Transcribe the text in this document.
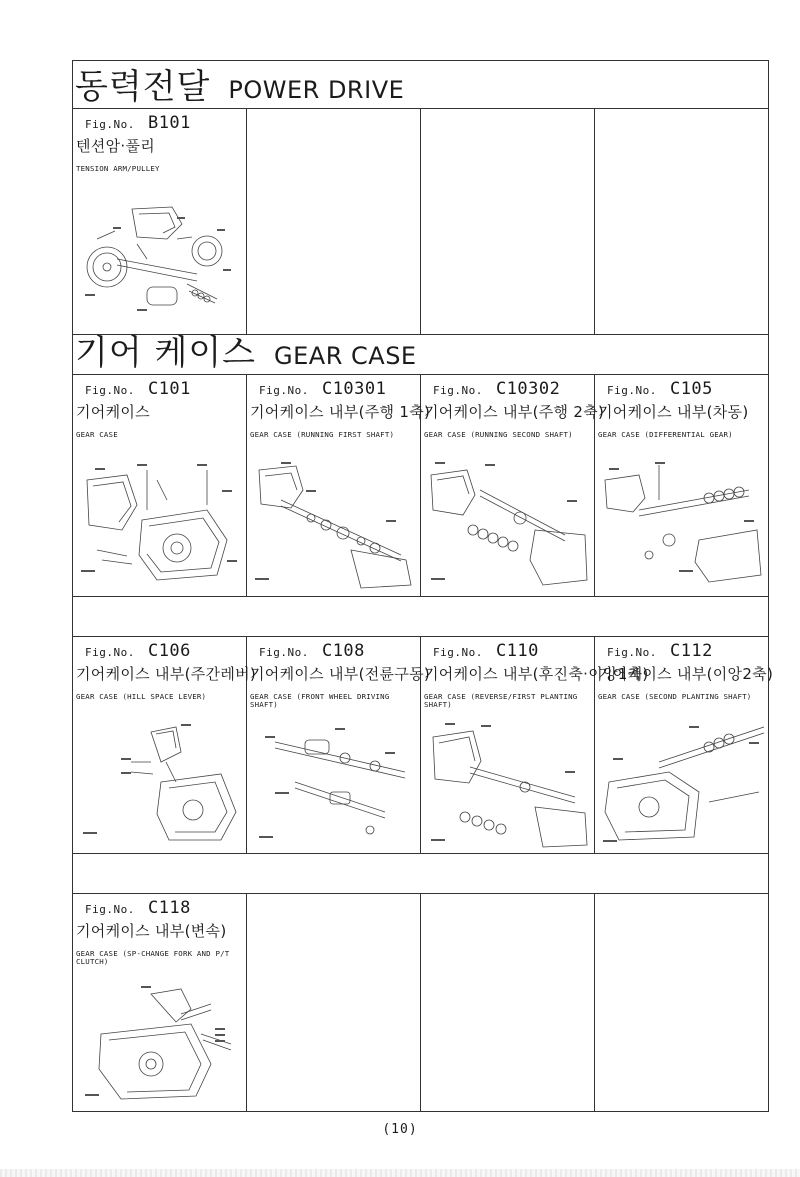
동력전달 POWER DRIVE
Fig.No. B101
텐션암·풀리
TENSION ARM/PULLEY
기어 케이스 GEAR CASE
Fig.No. C101
기어케이스
GEAR CASE
Fig.No. C10301
기어케이스 내부(주행 1축)
GEAR CASE (RUNNING FIRST SHAFT)
Fig.No. C10302
기어케이스 내부(주행 2축)
GEAR CASE (RUNNING SECOND SHAFT)
Fig.No. C105
기어케이스 내부(차동)
GEAR CASE (DIFFERENTIAL GEAR)
Fig.No. C106
기어케이스 내부(주간레버)
GEAR CASE (HILL SPACE LEVER)
Fig.No. C108
기어케이스 내부(전륜구동)
GEAR CASE (FRONT WHEEL DRIVING SHAFT)
Fig.No. C110
기어케이스 내부(후진축·이앙1축)
GEAR CASE (REVERSE/FIRST PLANTING SHAFT)
Fig.No. C112
기어케이스 내부(이앙2축)
GEAR CASE (SECOND PLANTING SHAFT)
Fig.No. C118
기어케이스 내부(변속)
GEAR CASE (SP-CHANGE FORK AND P/T CLUTCH)
(10)
